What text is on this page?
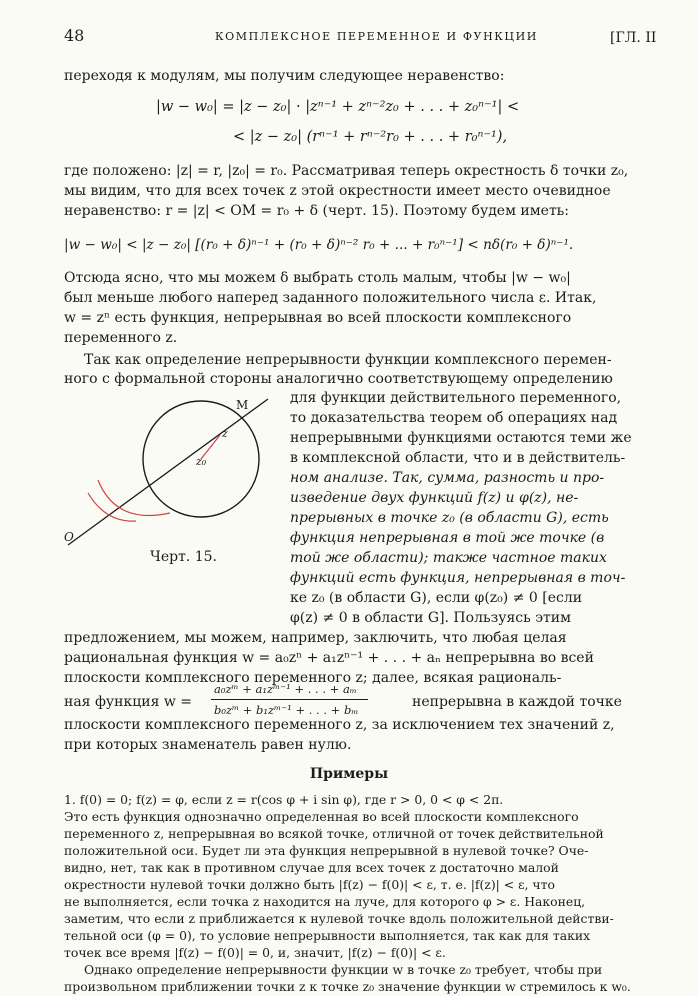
48	КОМПЛЕКСНОЕ ПЕРЕМЕННОЕ И ФУНКЦИИ	[ГЛ. II
переходя к модулям, мы получим следующее неравенство:
|w − w₀| = |z − z₀| · |zⁿ⁻¹ + zⁿ⁻²z₀ + . . . + z₀ⁿ⁻¹| <
< |z − z₀| (rⁿ⁻¹ + rⁿ⁻²r₀ + . . . + r₀ⁿ⁻¹),
где положено: |z| = r, |z₀| = r₀. Рассматривая теперь окрестность δ точки z₀,
мы видим, что для всех точек z этой окрестности имеет место очевидное
неравенство: r = |z| < OM = r₀ + δ (черт. 15). Поэтому будем иметь:
|w − w₀| < |z − z₀| [(r₀ + δ)ⁿ⁻¹ + (r₀ + δ)ⁿ⁻² r₀ + ... + r₀ⁿ⁻¹] < nδ(r₀ + δ)ⁿ⁻¹.
Отсюда ясно, что мы можем δ выбрать столь малым, чтобы |w − w₀|
был меньше любого наперед заданного положительного числа ε. Итак,
w = zⁿ есть функция, непрерывная во всей плоскости комплексного
переменного z.
Так как определение непрерывности функции комплексного перемен-
ного с формальной стороны аналогично соответствующему определению
для функции действительного переменного,
то доказательства теорем об операциях над
непрерывными функциями остаются теми же
в комплексной области, что и в действитель-
ном анализе. Так, сумма, разность и про-
изведение двух функций f(z) и φ(z), не-
прерывных в точке z₀ (в области G), есть
функция непрерывная в той же точке (в
той же области); также частное таких
функций есть функция, непрерывная в точ-
ке z₀ (в области G), если φ(z₀) ≠ 0 [если
φ(z) ≠ 0 в области G]. Пользуясь этим
предложением, мы можем, например, заключить, что любая целая
рациональная функция w = a₀zⁿ + a₁zⁿ⁻¹ + . . . + aₙ непрерывна во всей
плоскости комплексного переменного z; далее, всякая рациональ-
ная функция w =
a₀zᵐ + a₁zᵐ⁻¹ + . . . + aₘ
b₀zᵐ + b₁zᵐ⁻¹ + . . . + bₘ	непрерывна в каждой точке
плоскости комплексного переменного z, за исключением тех значений z,
при которых знаменатель равен нулю.
Примеры
1. f(0) = 0; f(z) = φ, если z = r(cos φ + i sin φ), где r > 0, 0 < φ < 2π.
Это есть функция однозначно определенная во всей плоскости комплексного
переменного z, непрерывная во всякой точке, отличной от точек действительной
положительной оси. Будет ли эта функция непрерывной в нулевой точке? Оче-
видно, нет, так как в противном случае для всех точек z достаточно малой
окрестности нулевой точки должно быть |f(z) − f(0)| < ε, т. е. |f(z)| < ε, что
не выполняется, если точка z находится на луче, для которого φ > ε. Наконец,
заметим, что если z приближается к нулевой точке вдоль положительной действи-
тельной оси (φ = 0), то условие непрерывности выполняется, так как для таких
точек все время |f(z) − f(0)| = 0, и, значит, |f(z) − f(0)| < ε.
Однако определение непрерывности функции w в точке z₀ требует, чтобы при
произвольном приближении точки z к точке z₀ значение функции w стремилось к w₀.
O
M
z₀
z
Черт. 15.
